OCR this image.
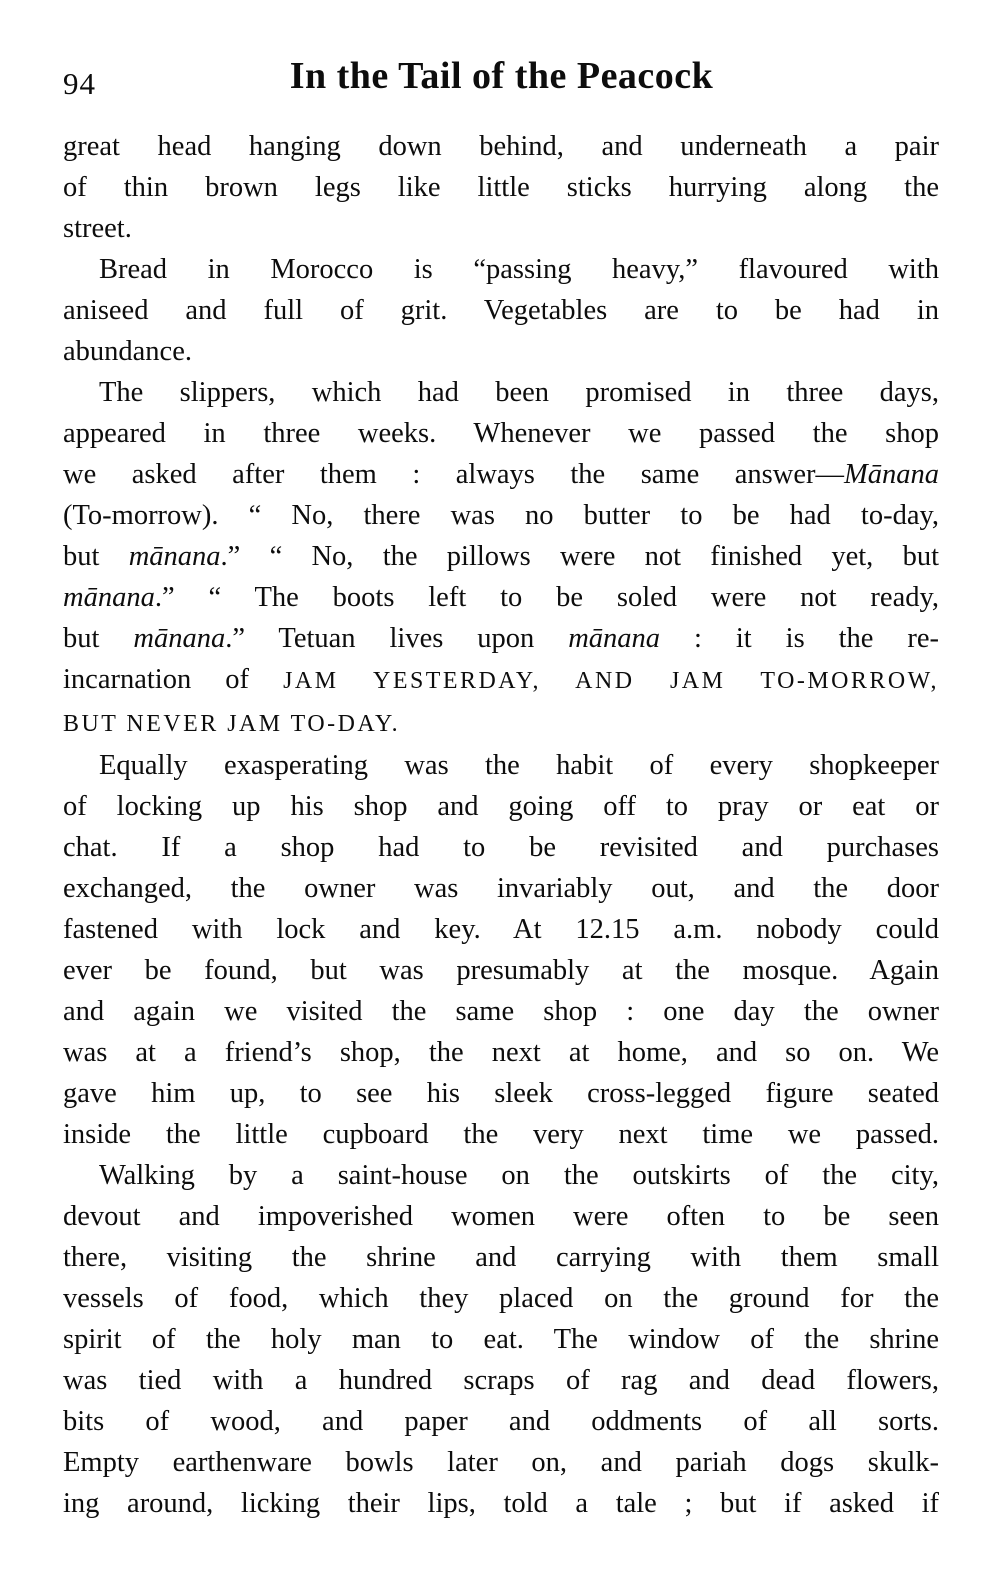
94	In the Tail of the Peacock
great head hanging down behind, and underneath a pair
of thin brown legs like little sticks hurrying along the
street.
Bread in Morocco is “passing heavy,” flavoured with
aniseed and full of grit. Vegetables are to be had in
abundance.
The slippers, which had been promised in three days,
appeared in three weeks. Whenever we passed the shop
we asked after them : always the same answer—Mānana
(To-morrow). “ No, there was no butter to be had to-day,
but mānana.” “ No, the pillows were not finished yet, but
mānana.” “ The boots left to be soled were not ready,
but mānana.” Tetuan lives upon mānana : it is the re-
incarnation of JAM YESTERDAY, AND JAM TO-MORROW,
BUT NEVER JAM TO-DAY.
Equally exasperating was the habit of every shopkeeper
of locking up his shop and going off to pray or eat or
chat. If a shop had to be revisited and purchases
exchanged, the owner was invariably out, and the door
fastened with lock and key. At 12.15 a.m. nobody could
ever be found, but was presumably at the mosque. Again
and again we visited the same shop : one day the owner
was at a friend’s shop, the next at home, and so on. We
gave him up, to see his sleek cross-legged figure seated
inside the little cupboard the very next time we passed.
Walking by a saint-house on the outskirts of the city,
devout and impoverished women were often to be seen
there, visiting the shrine and carrying with them small
vessels of food, which they placed on the ground for the
spirit of the holy man to eat. The window of the shrine
was tied with a hundred scraps of rag and dead flowers,
bits of wood, and paper and oddments of all sorts.
Empty earthenware bowls later on, and pariah dogs skulk-
ing around, licking their lips, told a tale ; but if asked if
